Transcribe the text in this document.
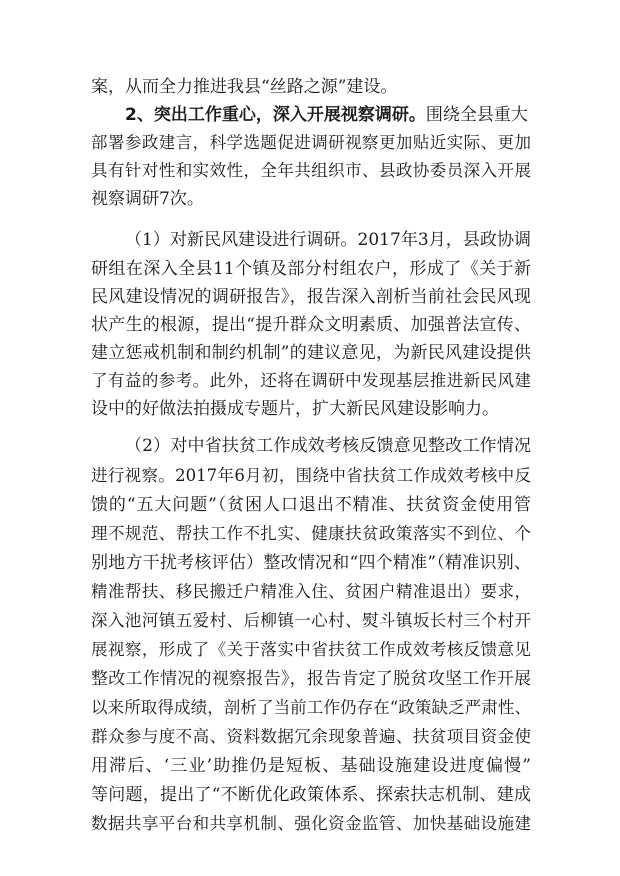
案，从而全力推进我县“丝路之源”建设。
2、突出工作重心，深入开展视察调研。围绕全县重大
部署参政建言，科学选题促进调研视察更加贴近实际、更加
具有针对性和实效性，全年共组织市、县政协委员深入开展
视察调研7次。
（1）对新民风建设进行调研。2017年3月，县政协调
研组在深入全县11个镇及部分村组农户，形成了《关于新
民风建设情况的调研报告》，报告深入剖析当前社会民风现
状产生的根源，提出“提升群众文明素质、加强普法宣传、
建立惩戒机制和制约机制”的建议意见，为新民风建设提供
了有益的参考。此外，还将在调研中发现基层推进新民风建
设中的好做法拍摄成专题片，扩大新民风建设影响力。
（2）对中省扶贫工作成效考核反馈意见整改工作情况
进行视察。2017年6月初，围绕中省扶贫工作成效考核中反
馈的“五大问题”（贫困人口退出不精准、扶贫资金使用管
理不规范、帮扶工作不扎实、健康扶贫政策落实不到位、个
别地方干扰考核评估）整改情况和“四个精准”（精准识别、
精准帮扶、移民搬迁户精准入住、贫困户精准退出）要求，
深入池河镇五爱村、后柳镇一心村、熨斗镇坂长村三个村开
展视察，形成了《关于落实中省扶贫工作成效考核反馈意见
整改工作情况的视察报告》，报告肯定了脱贫攻坚工作开展
以来所取得成绩，剖析了当前工作仍存在“政策缺乏严肃性、
群众参与度不高、资料数据冗余现象普遍、扶贫项目资金使
用滞后、‘三业’助推仍是短板、基础设施建设进度偏慢”
等问题，提出了“不断优化政策体系、探索扶志机制、建成
数据共享平台和共享机制、强化资金监管、加快基础设施建
